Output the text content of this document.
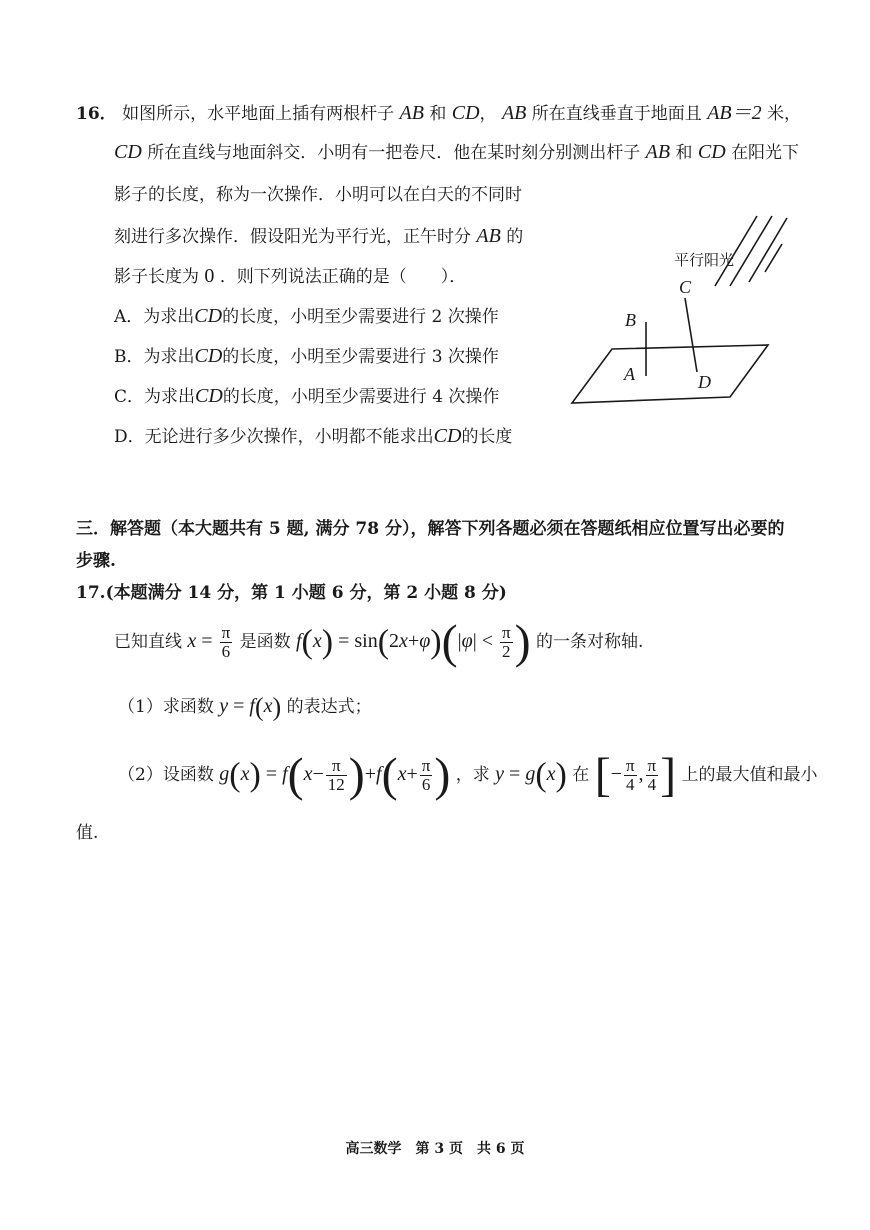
16． 如图所示，水平地面上插有两根杆子 AB 和 CD， AB 所在直线垂直于地面且 AB＝2 米，
CD 所在直线与地面斜交．小明有一把卷尺．他在某时刻分别测出杆子 AB 和 CD 在阳光下
影子的长度，称为一次操作．小明可以在白天的不同时
刻进行多次操作．假设阳光为平行光，正午时分 AB 的
影子长度为 0 ．则下列说法正确的是（　　）．
A．为求出CD的长度，小明至少需要进行 2 次操作
B．为求出CD的长度，小明至少需要进行 3 次操作
C．为求出CD的长度，小明至少需要进行 4 次操作
D．无论进行多少次操作，小明都不能求出CD的长度
平行阳光
B
A
C
D
三．解答题（本大题共有 5 题, 满分 78 分），解答下列各题必须在答题纸相应位置写出必要的
步骤.
17.(本题满分 14 分，第 1 小题 6 分，第 2 小题 8 分)
已知直线 $x = \frac{\pi}{6}$ 是函数 $f(x) = \sin(2x+\varphi)(|\varphi| < \frac{\pi}{2}$ ) 的一条对称轴.
（1）求函数 y = f(x) 的表达式；
（2）设函数 $g(x) = f(x- \frac{\pi}{12} )+f(x+ \frac{\pi}{6}$ ) ，求 y = g(x) 在 [− $\frac{\pi}{4}$ , $\frac{\pi}{4}$ ] 上的最大值和最小
值.
高三数学　第 3 页　共 6 页
